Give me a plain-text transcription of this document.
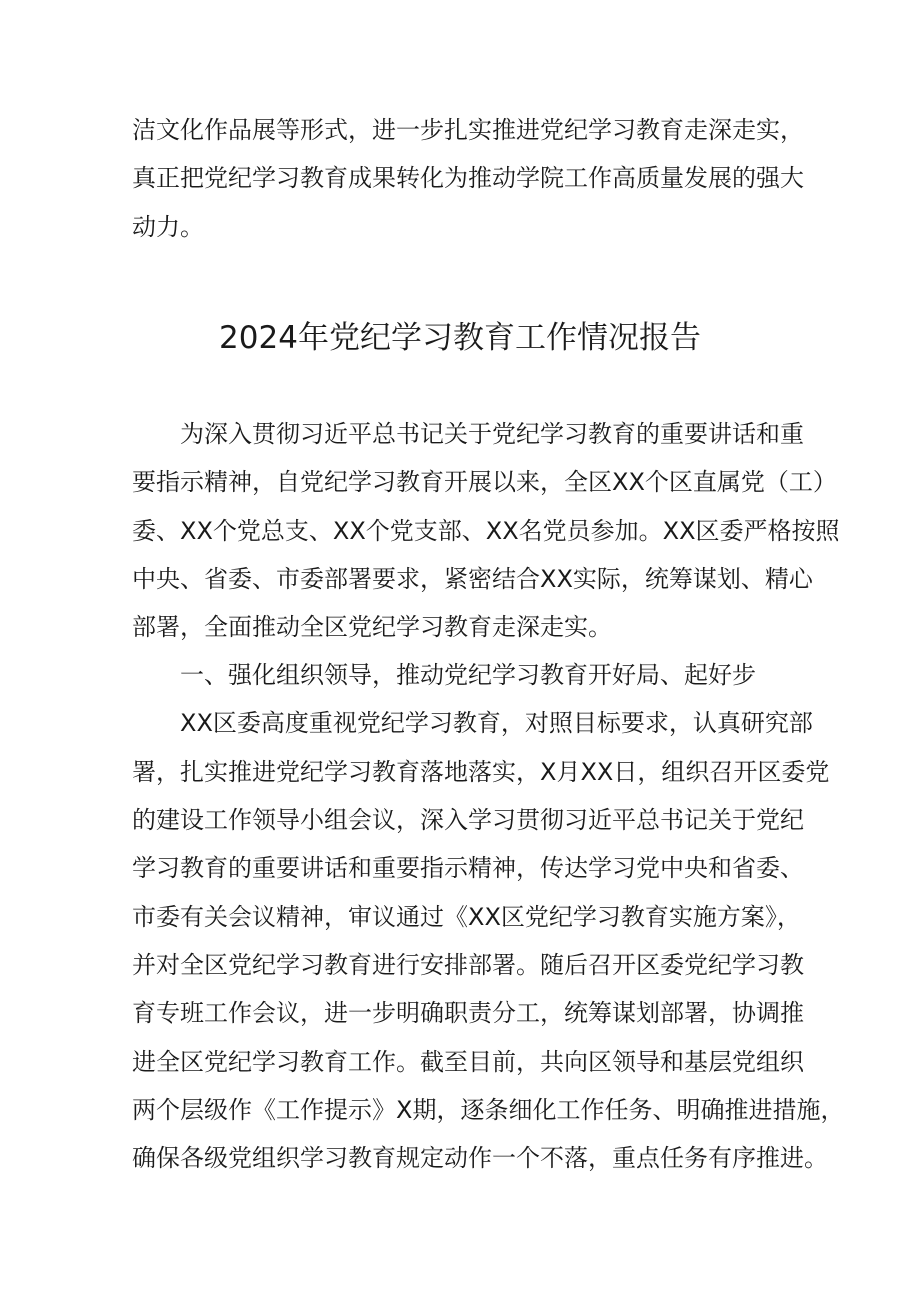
洁文化作品展等形式，进一步扎实推进党纪学习教育走深走实，
真正把党纪学习教育成果转化为推动学院工作高质量发展的强大
动力。
2024年党纪学习教育工作情况报告
为深入贯彻习近平总书记关于党纪学习教育的重要讲话和重
要指示精神，自党纪学习教育开展以来，全区XX个区直属党（工）
委、XX个党总支、XX个党支部、XX名党员参加。XX区委严格按照
中央、省委、市委部署要求，紧密结合XX实际，统筹谋划、精心
部署，全面推动全区党纪学习教育走深走实。
一、强化组织领导，推动党纪学习教育开好局、起好步
XX区委高度重视党纪学习教育，对照目标要求，认真研究部
署，扎实推进党纪学习教育落地落实，X月XX日，组织召开区委党
的建设工作领导小组会议，深入学习贯彻习近平总书记关于党纪
学习教育的重要讲话和重要指示精神，传达学习党中央和省委、
市委有关会议精神，审议通过《XX区党纪学习教育实施方案》，
并对全区党纪学习教育进行安排部署。随后召开区委党纪学习教
育专班工作会议，进一步明确职责分工，统筹谋划部署，协调推
进全区党纪学习教育工作。截至目前，共向区领导和基层党组织
两个层级作《工作提示》X期，逐条细化工作任务、明确推进措施，
确保各级党组织学习教育规定动作一个不落，重点任务有序推进。
